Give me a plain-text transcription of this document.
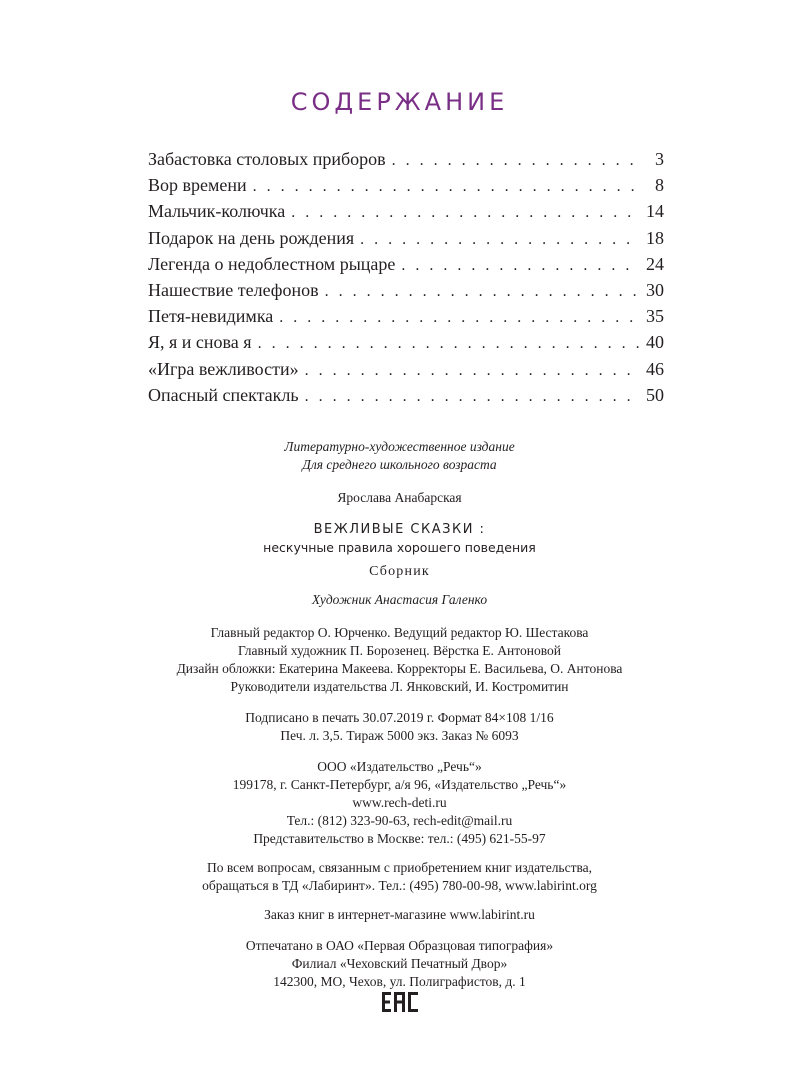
СОДЕРЖАНИЕ
Забастовка столовых приборов . . .	3
Вор времени . . .	8
Мальчик-колючка . . .	14
Подарок на день рождения . . .	18
Легенда о недоблестном рыцаре . . .	24
Нашествие телефонов . . .	30
Петя-невидимка . . .	35
Я, я и снова я . . .	40
«Игра вежливости» . . .	46
Опасный спектакль . . .	50
Литературно-художественное издание
Для среднего школьного возраста
Ярослава Анабарская
ВЕЖЛИВЫЕ СКАЗКИ :
нескучные правила хорошего поведения
Сборник
Художник Анастасия Галенко
Главный редактор О. Юрченко. Ведущий редактор Ю. Шестакова
Главный художник П. Борозенец. Вёрстка Е. Антоновой
Дизайн обложки: Екатерина Макеева. Корректоры Е. Васильева, О. Антонова
Руководители издательства Л. Янковский, И. Костромитин
Подписано в печать 30.07.2019 г. Формат 84×108 1/16
Печ. л. 3,5. Тираж 5000 экз. Заказ № 6093
ООО «Издательство „Речь“»
199178, г. Санкт-Петербург, а/я 96, «Издательство „Речь“»
www.rech-deti.ru
Тел.: (812) 323-90-63, rech-edit@mail.ru
Представительство в Москве: тел.: (495) 621-55-97
По всем вопросам, связанным с приобретением книг издательства,
обращаться в ТД «Лабиринт». Тел.: (495) 780-00-98, www.labirint.org
Заказ книг в интернет-магазине www.labirint.ru
Отпечатано в ОАО «Первая Образцовая типография»
Филиал «Чеховский Печатный Двор»
142300, МО, Чехов, ул. Полиграфистов, д. 1
